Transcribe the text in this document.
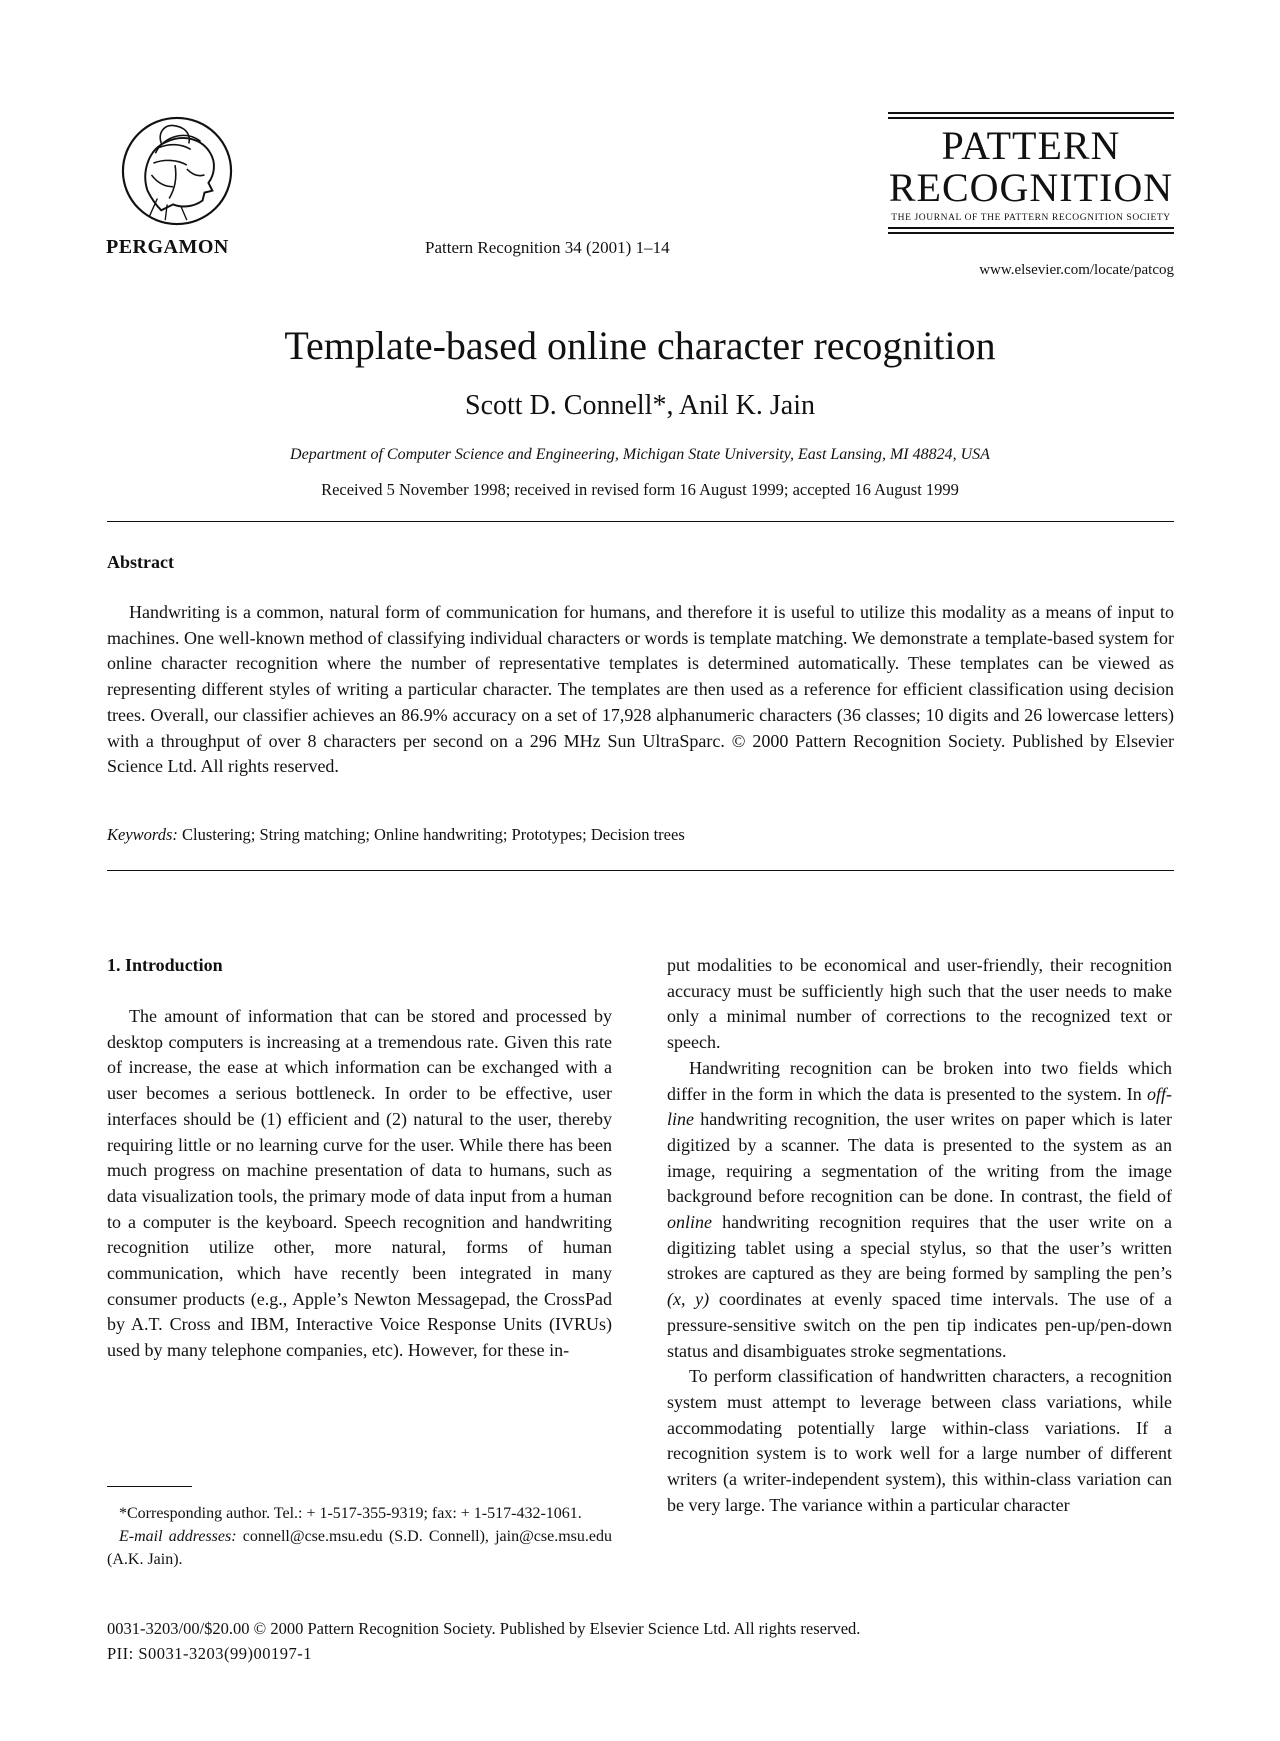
PERGAMON	Pattern Recognition 34 (2001) 1–14
PATTERN
RECOGNITION
THE JOURNAL OF THE PATTERN RECOGNITION SOCIETY
www.elsevier.com/locate/patcog
Template-based online character recognition
Scott D. Connell*, Anil K. Jain
Department of Computer Science and Engineering, Michigan State University, East Lansing, MI 48824, USA
Received 5 November 1998; received in revised form 16 August 1999; accepted 16 August 1999
Abstract

Handwriting is a common, natural form of communication for humans, and therefore it is useful to utilize this modality as a means of input to machines. One well-known method of classifying individual characters or words is template matching. We demonstrate a template-based system for online character recognition where the number of representative templates is determined automatically. These templates can be viewed as representing different styles of writing a particular character. The templates are then used as a reference for efficient classification using decision trees. Overall, our classifier achieves an 86.9% accuracy on a set of 17,928 alphanumeric characters (36 classes; 10 digits and 26 lowercase letters) with a throughput of over 8 characters per second on a 296 MHz Sun UltraSparc. © 2000 Pattern Recognition Society. Published by Elsevier Science Ltd. All rights reserved.

Keywords: Clustering; String matching; Online handwriting; Prototypes; Decision trees
1. Introduction

The amount of information that can be stored and processed by desktop computers is increasing at a tremendous rate. Given this rate of increase, the ease at which information can be exchanged with a user becomes a serious bottleneck. In order to be effective, user interfaces should be (1) efficient and (2) natural to the user, thereby requiring little or no learning curve for the user. While there has been much progress on machine presentation of data to humans, such as data visualization tools, the primary mode of data input from a human to a computer is the keyboard. Speech recognition and handwriting recognition utilize other, more natural, forms of human communication, which have recently been integrated in many consumer products (e.g., Apple’s Newton Messagepad, the CrossPad by A.T. Cross and IBM, Interactive Voice Response Units (IVRUs) used by many telephone companies, etc). However, for these in-

put modalities to be economical and user-friendly, their recognition accuracy must be sufficiently high such that the user needs to make only a minimal number of corrections to the recognized text or speech.

Handwriting recognition can be broken into two fields which differ in the form in which the data is presented to the system. In off-line handwriting recognition, the user writes on paper which is later digitized by a scanner. The data is presented to the system as an image, requiring a segmentation of the writing from the image background before recognition can be done. In contrast, the field of online handwriting recognition requires that the user write on a digitizing tablet using a special stylus, so that the user’s written strokes are captured as they are being formed by sampling the pen’s (x, y) coordinates at evenly spaced time intervals. The use of a pressure-sensitive switch on the pen tip indicates pen-up/pen-down status and disambiguates stroke segmentations.

To perform classification of handwritten characters, a recognition system must attempt to leverage between class variations, while accommodating potentially large within-class variations. If a recognition system is to work well for a large number of different writers (a writer-independent system), this within-class variation can be very large. The variance within a particular character

*Corresponding author. Tel.: + 1-517-355-9319; fax: + 1-517-432-1061.

E-mail addresses: connell@cse.msu.edu (S.D. Connell), jain@cse.msu.edu (A.K. Jain).

0031-3203/00/$20.00 © 2000 Pattern Recognition Society. Published by Elsevier Science Ltd. All rights reserved.
PII: S0031-3203(99)00197-1
